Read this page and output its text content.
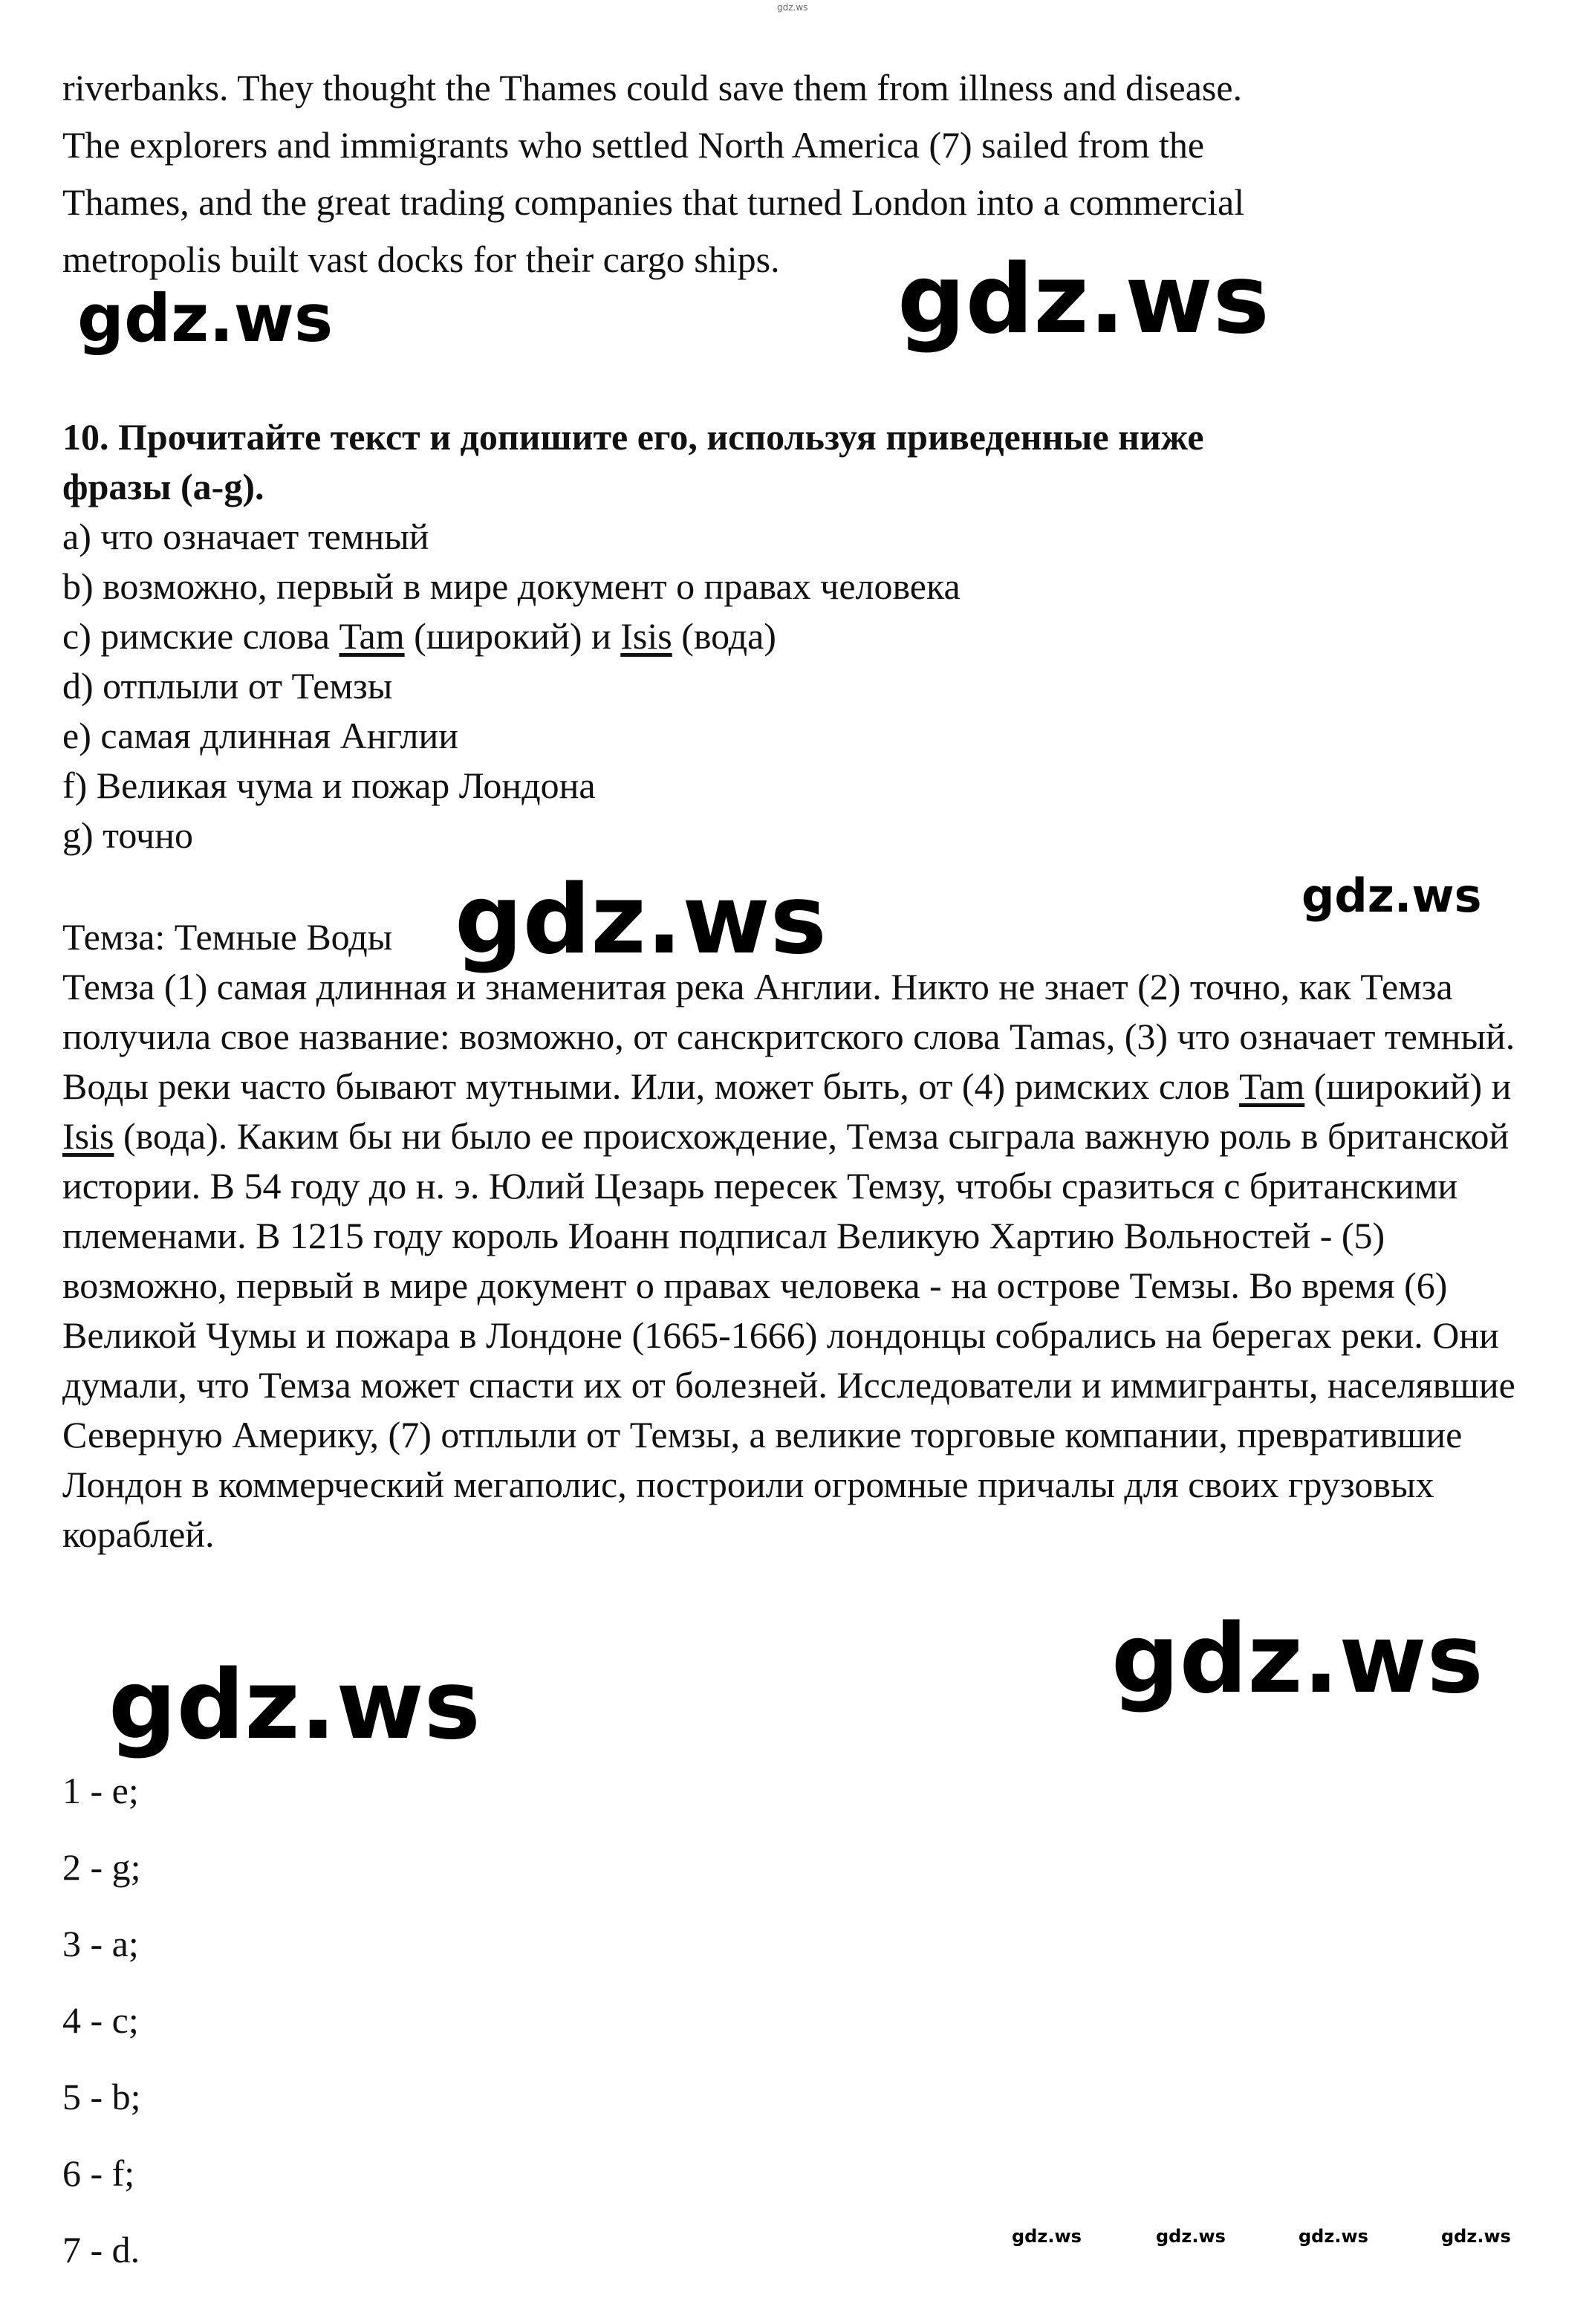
gdz.ws
riverbanks. They thought the Thames could save them from illness and disease.
The explorers and immigrants who settled North America (7) sailed from the
Thames, and the great trading companies that turned London into a commercial
metropolis built vast docks for their cargo ships.
gdz.ws	gdz.ws
10. Прочитайте текст и допишите его, используя приведенные ниже
фразы (a-g).
a) что означает темный
b) возможно, первый в мире документ о правах человека
c) римские слова Tam (широкий) и Isis (вода)
d) отплыли от Темзы
e) самая длинная Англии
f) Великая чума и пожар Лондона
g) точно
Темза: Темные Воды gdz.ws	gdz.ws

Темза (1) самая длинная и знаменитая река Англии. Никто не знает (2) точно, как Темза получила свое название: возможно, от санскритского слова Tamas, (3) что означает темный. Воды реки часто бывают мутными. Или, может быть, от (4) римских слов Tam (широкий) и Isis (вода). Каким бы ни было ее происхождение, Темза сыграла важную роль в британской истории. В 54 году до н. э. Юлий Цезарь пересек Темзу, чтобы сразиться с британскими племенами. В 1215 году король Иоанн подписал Великую Хартию Вольностей - (5) возможно, первый в мире документ о правах человека - на острове Темзы. Во время (6) Великой Чумы и пожара в Лондоне (1665-1666) лондонцы собрались на берегах реки. Они думали, что Темза может спасти их от болезней. Исследователи и иммигранты, населявшие Северную Америку, (7) отплыли от Темзы, а великие торговые компании, превратившие Лондон в коммерческий мегаполис, построили огромные причалы для своих грузовых кораблей.

gdz.ws
gdz.ws
1 - e;
2 - g;
3 - a;
4 - c;
5 - b;
6 - f;
7 - d.	gdz.ws	gdz.ws	gdz.ws	gdz.ws
